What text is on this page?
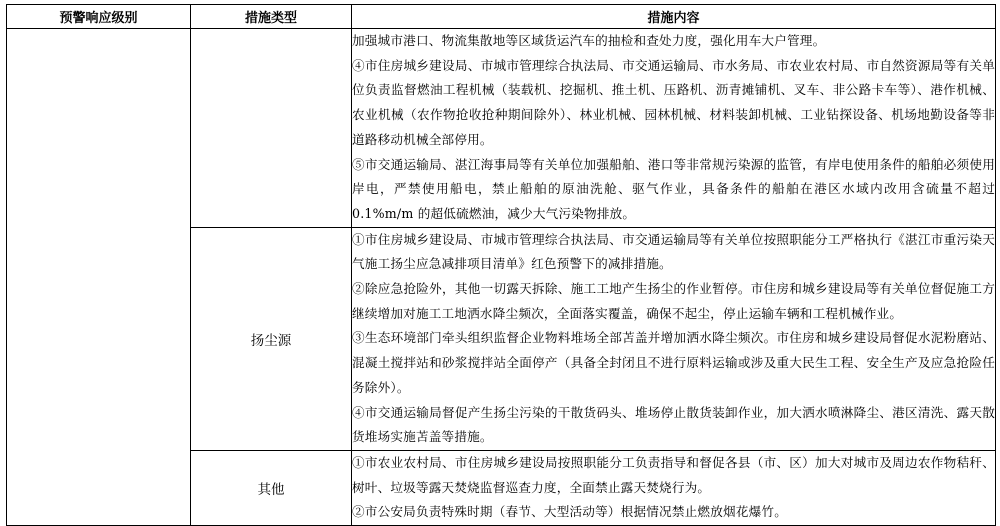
预警响应级别	措施类型	措施内容

		加强城市港口、物流集散地等区域货运汽车的抽检和查处力度，强化用车大户管理。
④市住房城乡建设局、市城市管理综合执法局、市交通运输局、市水务局、市农业农村局、市自然资源局等有关单位负责监督燃油工程机械（装载机、挖掘机、推土机、压路机、沥青摊铺机、叉车、非公路卡车等）、港作机械、农业机械（农作物抢收抢种期间除外）、林业机械、园林机械、材料装卸机械、工业钻探设备、机场地勤设备等非道路移动机械全部停用。
⑤市交通运输局、湛江海事局等有关单位加强船舶、港口等非常规污染源的监管，有岸电使用条件的船舶必须使用岸电，严禁使用船电，禁止船舶的原油洗舱、驱气作业，具备条件的船舶在港区水域内改用含硫量不超过 0.1%m/m 的超低硫燃油，减少大气污染物排放。

	扬尘源	①市住房城乡建设局、市城市管理综合执法局、市交通运输局等有关单位按照职能分工严格执行《湛江市重污染天气施工扬尘应急减排项目清单》红色预警下的减排措施。
②除应急抢险外，其他一切露天拆除、施工工地产生扬尘的作业暂停。市住房和城乡建设局等有关单位督促施工方继续增加对施工工地洒水降尘频次，全面落实覆盖，确保不起尘，停止运输车辆和工程机械作业。
③生态环境部门牵头组织监督企业物料堆场全部苫盖并增加洒水降尘频次。市住房和城乡建设局督促水泥粉磨站、混凝土搅拌站和砂浆搅拌站全面停产（具备全封闭且不进行原料运输或涉及重大民生工程、安全生产及应急抢险任务除外）。
④市交通运输局督促产生扬尘污染的干散货码头、堆场停止散货装卸作业，加大洒水喷淋降尘、港区清洗、露天散货堆场实施苫盖等措施。

	其他	①市农业农村局、市住房城乡建设局按照职能分工负责指导和督促各县（市、区）加大对城市及周边农作物秸秆、树叶、垃圾等露天焚烧监督巡查力度，全面禁止露天焚烧行为。
②市公安局负责特殊时期（春节、大型活动等）根据情况禁止燃放烟花爆竹。
